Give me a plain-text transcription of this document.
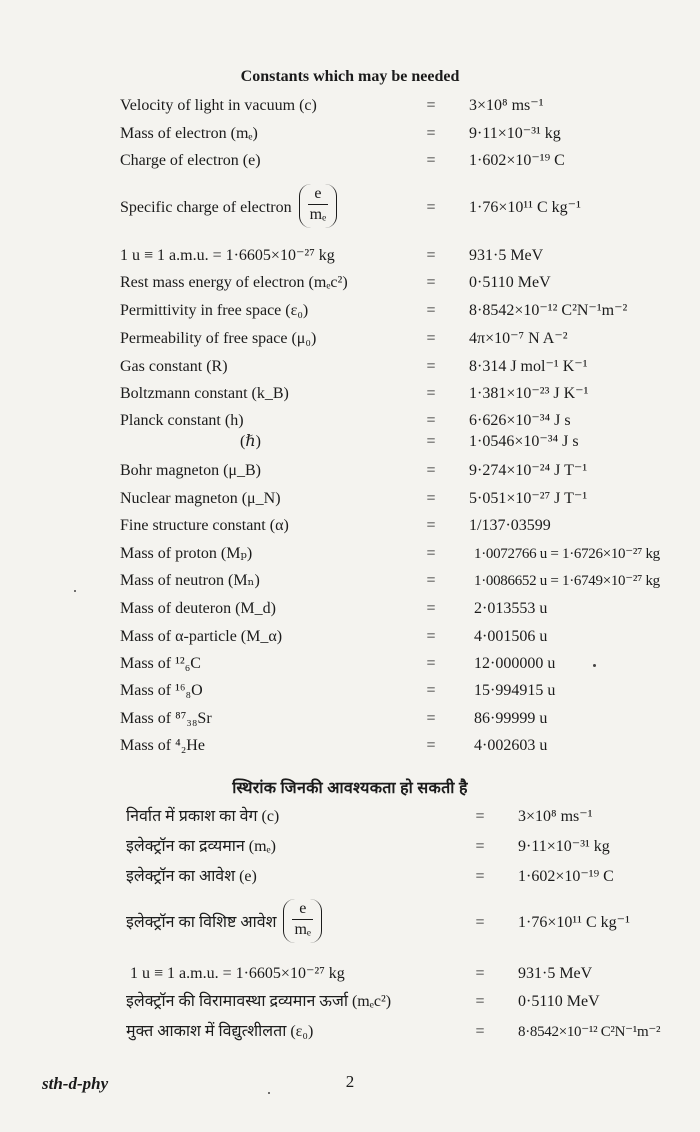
Constants which may be needed
Velocity of light in vacuum (c)	=	3×10⁸ ms⁻¹
Mass of electron (mₑ)	=	9·11×10⁻³¹ kg
Charge of electron (e)	=	1·602×10⁻¹⁹ C
Specific charge of electron $\frac{e}{\text{mₑ}}$	=	1·76×10¹¹ C kg⁻¹
1 u ≡ 1 a.m.u. = 1·6605×10⁻²⁷ kg	=	931·5 MeV
Rest mass energy of electron (mₑc²)	=	0·5110 MeV
Permittivity in free space (ε₀)	=	8·8542×10⁻¹² C²N⁻¹m⁻²
Permeability of free space (μ₀)	=	4π×10⁻⁷ N A⁻²
Gas constant (R)	=	8·314 J mol⁻¹ K⁻¹
Boltzmann constant (k_B)	=	1·381×10⁻²³ J K⁻¹
Planck constant (h)	=	6·626×10⁻³⁴ J s
(ℏ)	=	1·0546×10⁻³⁴ J s
Bohr magneton (μ_B)	=	9·274×10⁻²⁴ J T⁻¹
Nuclear magneton (μ_N)	=	5·051×10⁻²⁷ J T⁻¹
Fine structure constant (α)	=	1/137·03599
Mass of proton (Mₚ)	=	1·0072766 u = 1·6726×10⁻²⁷ kg
Mass of neutron (Mₙ)	=	1·0086652 u = 1·6749×10⁻²⁷ kg
Mass of deuteron (M_d)	=	2·013553 u
Mass of α-particle (M_α)	=	4·001506 u
Mass of ¹²₆C	=	12·000000 u
Mass of ¹⁶₈O	=	15·994915 u
Mass of ⁸⁷₃₈Sr	=	86·99999 u
Mass of ⁴₂He	=	4·002603 u
स्थिरांक जिनकी आवश्यकता हो सकती है
निर्वात में प्रकाश का वेग (c)	=	3×10⁸ ms⁻¹
इलेक्ट्रॉन का द्रव्यमान (mₑ)	=	9·11×10⁻³¹ kg
इलेक्ट्रॉन का आवेश (e)	=	1·602×10⁻¹⁹ C
इलेक्ट्रॉन का विशिष्ट आवेश $\frac{e}{\text{mₑ}}$	=	1·76×10¹¹ C kg⁻¹
1 u ≡ 1 a.m.u. = 1·6605×10⁻²⁷ kg	=	931·5 MeV
इलेक्ट्रॉन की विरामावस्था द्रव्यमान ऊर्जा (mₑc²)	=	0·5110 MeV
मुक्त आकाश में विद्युत्शीलता (ε₀)	=	8·8542×10⁻¹² C²N⁻¹m⁻²
sth-d-phy	2
